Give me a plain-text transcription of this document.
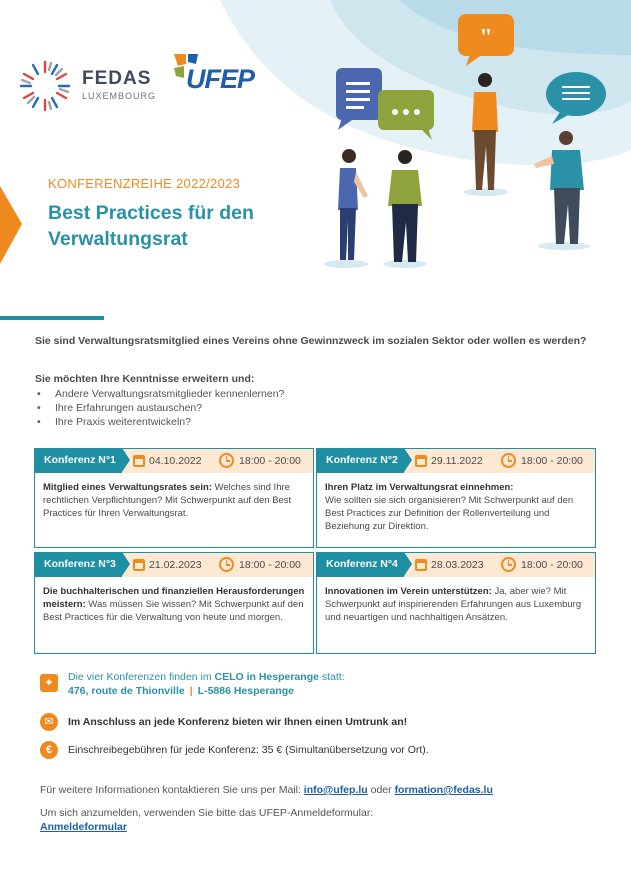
"
FEDAS
LUXEMBOURG
UFEP
KONFERENZREIHE 2022/2023
Best Practices für den Verwaltungsrat
Sie sind Verwaltungsratsmitglied eines Vereins ohne Gewinnzweck im sozialen Sektor oder wollen es werden?
Sie möchten Ihre Kenntnisse erweitern und:
• Andere Verwaltungsratsmitglieder kennenlernen?
• Ihre Erfahrungen austauschen?
• Ihre Praxis weiterentwickeln?
Konferenz N°1	04.10.2022	18:00 - 20:00
Mitglied eines Verwaltungsrates sein: Welches sind Ihre rechtlichen Verpflichtungen? Mit Schwerpunkt auf den Best Practices für Ihren Verwaltungsrat.
Konferenz N°2	29.11.2022	18:00 - 20:00
Ihren Platz im Verwaltungsrat einnehmen:
Wie sollten sie sich organisieren? Mit Schwerpunkt auf den Best Practices zur Definition der Rollenverteilung und Beziehung zur Direktion.
Konferenz N°3	21.02.2023	18:00 - 20:00
Die buchhalterischen und finanziellen Herausforderungen meistern: Was müssen Sie wissen? Mit Schwerpunkt auf den Best Practices für die Verwaltung von heute und morgen.
Konferenz N°4	28.03.2023	18:00 - 20:00
Innovationen im Verein unterstützen: Ja, aber wie? Mit Schwerpunkt auf inspirierenden Erfahrungen aus Luxemburg und neuartigen und nachhaltigen Ansätzen.
⌖	Die vier Konferenzen finden im CELO in Hesperange statt:
476, route de Thionville | L-5886 Hesperange
✉	Im Anschluss an jede Konferenz bieten wir Ihnen einen Umtrunk an!
€	Einschreibegebühren für jede Konferenz: 35 € (Simultanübersetzung vor Ort).
Für weitere Informationen kontaktieren Sie uns per Mail: info@ufep.lu oder formation@fedas.lu
Um sich anzumelden, verwenden Sie bitte das UFEP-Anmeldeformular:
Anmeldeformular
